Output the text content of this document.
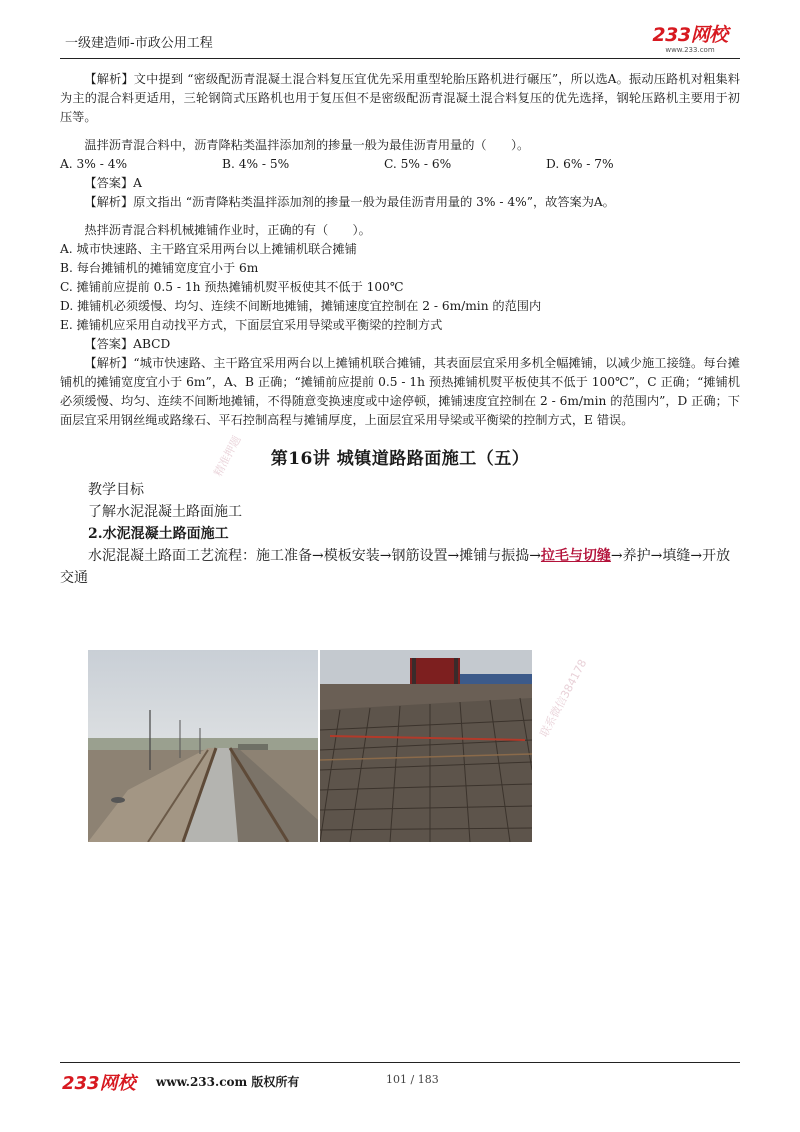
一级建造师-市政公用工程	233网校
www.233.com

【解析】文中提到 “密级配沥青混凝土混合料复压宜优先采用重型轮胎压路机进行碾压”，所以选A。振动压路机对粗集料为主的混合料更适用，三轮钢筒式压路机也用于复压但不是密级配沥青混凝土混合料复压的优先选择，钢轮压路机主要用于初压等。

温拌沥青混合料中，沥青降粘类温拌添加剂的掺量一般为最佳沥青用量的（　　）。

A. 3% - 4%	B. 4% - 5%	C. 5% - 6%	D. 6% - 7%

【答案】A

【解析】原文指出 “沥青降粘类温拌添加剂的掺量一般为最佳沥青用量的 3% - 4%”，故答案为A。

热拌沥青混合料机械摊铺作业时，正确的有（　　）。

A. 城市快速路、主干路宜采用两台以上摊铺机联合摊铺

B. 每台摊铺机的摊铺宽度宜小于 6m

C. 摊铺前应提前 0.5 - 1h 预热摊铺机熨平板使其不低于 100℃

D. 摊铺机必须缓慢、均匀、连续不间断地摊铺，摊铺速度宜控制在 2 - 6m/min 的范围内

E. 摊铺机应采用自动找平方式，下面层宜采用导梁或平衡梁的控制方式

【答案】ABCD

【解析】“城市快速路、主干路宜采用两台以上摊铺机联合摊铺，其表面层宜采用多机全幅摊铺，以减少施工接缝。每台摊铺机的摊铺宽度宜小于 6m”，A、B 正确；“摊铺前应提前 0.5 - 1h 预热摊铺机熨平板使其不低于 100℃”，C 正确；“摊铺机必须缓慢、均匀、连续不间断地摊铺，不得随意变换速度或中途停顿，摊铺速度宜控制在 2 - 6m/min 的范围内”，D 正确；下面层宜采用钢丝绳或路缘石、平石控制高程与摊铺厚度，上面层宜采用导梁或平衡梁的控制方式，E 错误。

第16讲 城镇道路路面施工（五）

教学目标

了解水泥混凝土路面施工

2.水泥混凝土路面施工

水泥混凝土路面工艺流程：施工准备→模板安装→钢筋设置→摊铺与振捣→拉毛与切缝→养护→填缝→开放交通

精准押题
联系微信384178
233网校 www.233.com 版权所有	101 / 183
